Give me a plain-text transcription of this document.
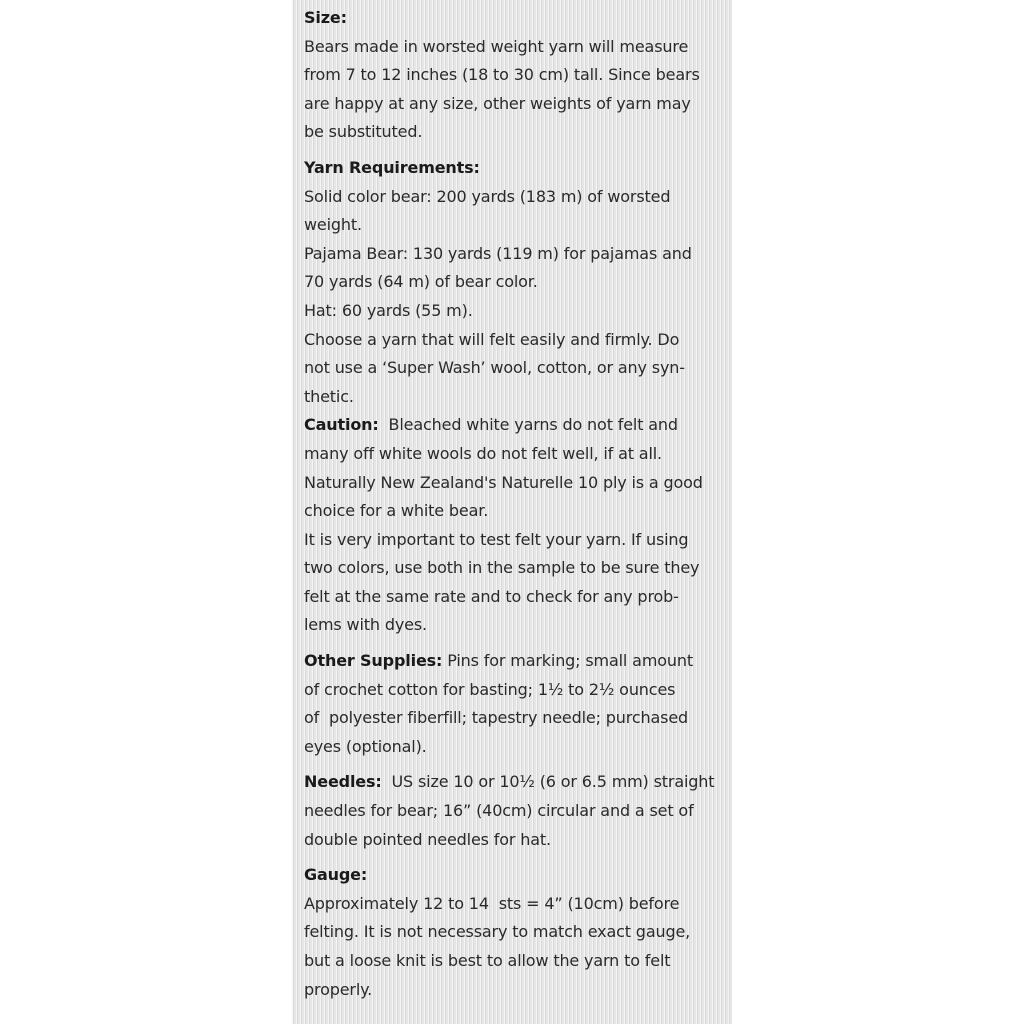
Size:
Bears made in worsted weight yarn will measure
from 7 to 12 inches (18 to 30 cm) tall. Since bears
are happy at any size, other weights of yarn may
be substituted.
Yarn Requirements:
Solid color bear: 200 yards (183 m) of worsted
weight.
Pajama Bear: 130 yards (119 m) for pajamas and
70 yards (64 m) of bear color.
Hat: 60 yards (55 m).
Choose a yarn that will felt easily and firmly. Do
not use a ‘Super Wash’ wool, cotton, or any syn-
thetic.
Caution:  Bleached white yarns do not felt and
many off white wools do not felt well, if at all.
Naturally New Zealand's Naturelle 10 ply is a good
choice for a white bear.
It is very important to test felt your yarn. If using
two colors, use both in the sample to be sure they
felt at the same rate and to check for any prob-
lems with dyes.
Other Supplies: Pins for marking; small amount
of crochet cotton for basting; 1½ to 2½ ounces
of  polyester fiberfill; tapestry needle; purchased
eyes (optional).
Needles:  US size 10 or 10½ (6 or 6.5 mm) straight
needles for bear; 16” (40cm) circular and a set of
double pointed needles for hat.
Gauge:
Approximately 12 to 14  sts = 4” (10cm) before
felting. It is not necessary to match exact gauge,
but a loose knit is best to allow the yarn to felt
properly.
